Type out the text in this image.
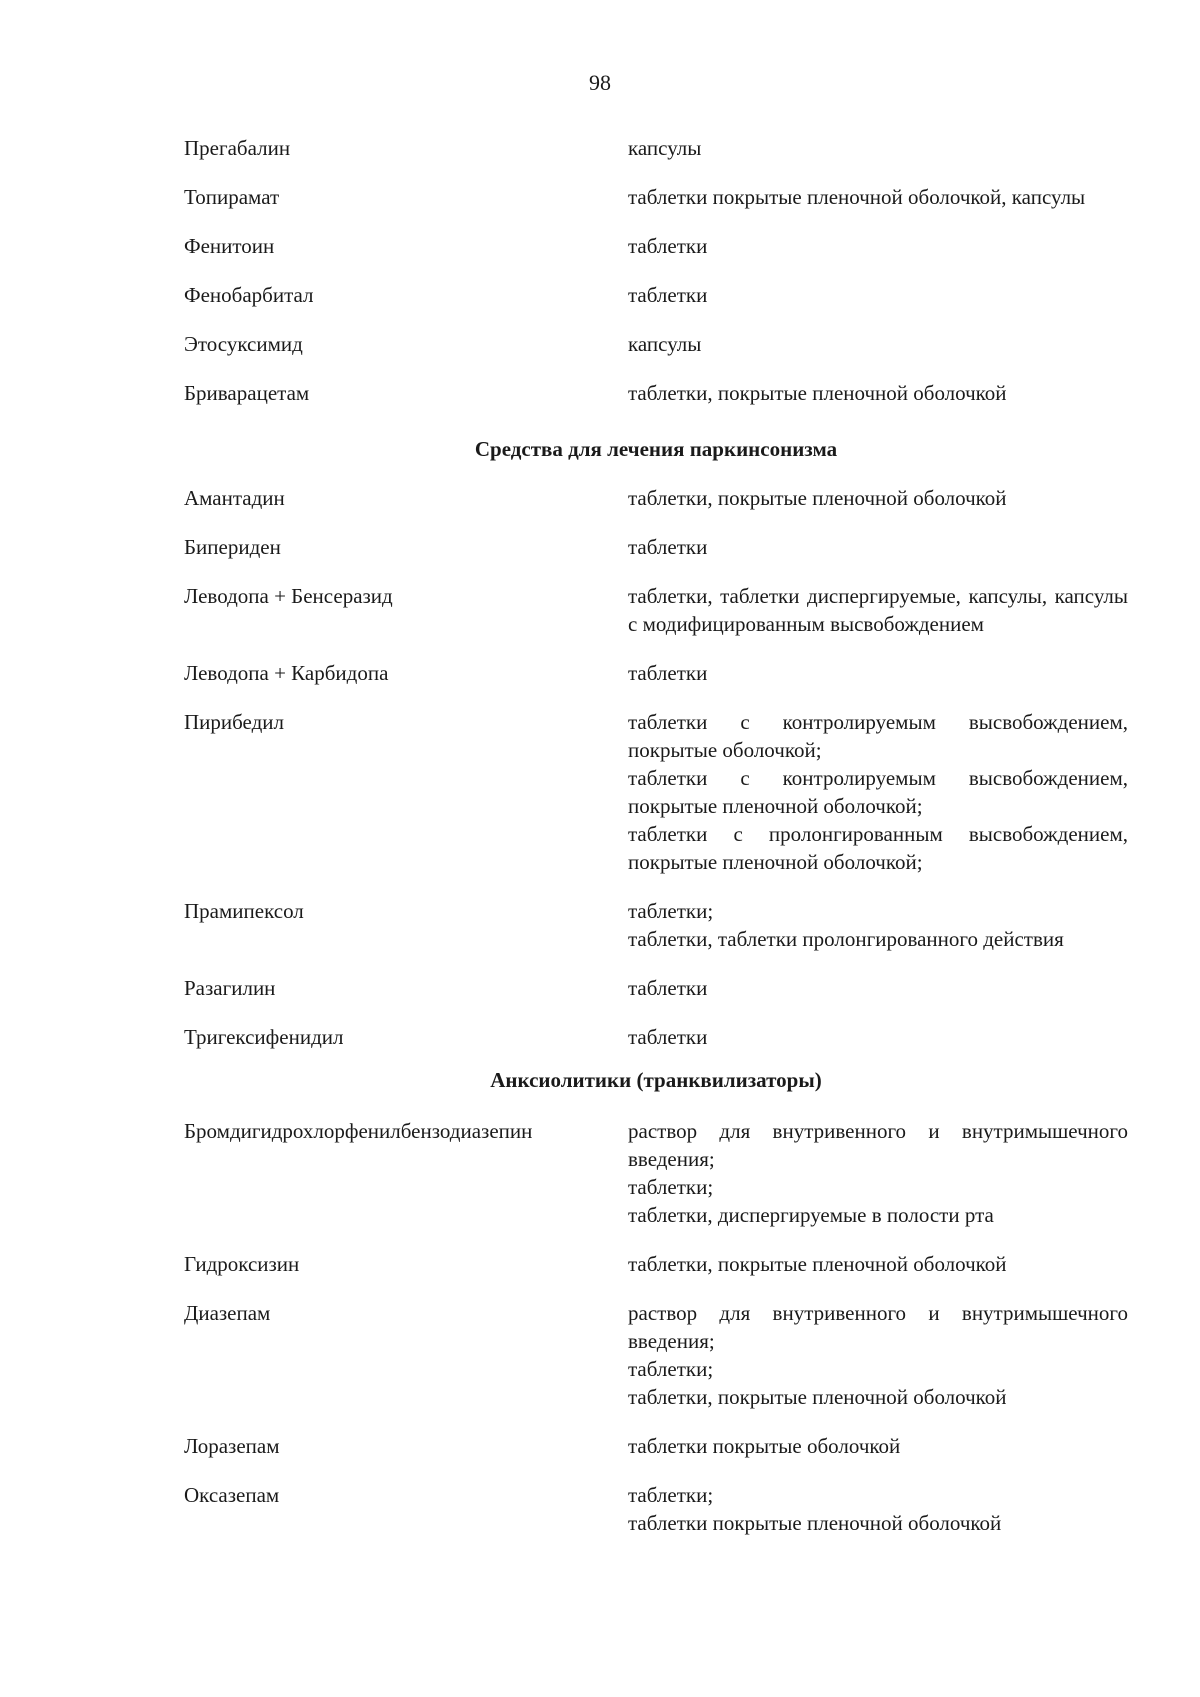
98
Прегабалин	капсулы
Топирамат	таблетки покрытые пленочной оболочкой, капсулы
Фенитоин	таблетки
Фенобарбитал	таблетки
Этосуксимид	капсулы
Бриварацетам	таблетки, покрытые пленочной оболочкой
Средства для лечения паркинсонизма
Амантадин	таблетки, покрытые пленочной оболочкой
Бипериден	таблетки
Леводопа + Бенсеразид	таблетки, таблетки диспергируемые, капсулы, капсулы с модифицированным высвобождением
Леводопа + Карбидопа	таблетки
Пирибедил	таблетки с контролируемым высвобождением, покрытые оболочкой;
таблетки с контролируемым высвобождением, покрытые пленочной оболочкой;
таблетки с пролонгированным высвобождением, покрытые пленочной оболочкой;
Прамипексол	таблетки;
таблетки, таблетки пролонгированного действия
Разагилин	таблетки
Тригексифенидил	таблетки
Анксиолитики (транквилизаторы)
Бромдигидрохлорфенилбензодиазепин	раствор для внутривенного и внутримышечного введения;
таблетки;
таблетки, диспергируемые в полости рта
Гидроксизин	таблетки, покрытые пленочной оболочкой
Диазепам	раствор для внутривенного и внутримышечного введения;
таблетки;
таблетки, покрытые пленочной оболочкой
Лоразепам	таблетки покрытые оболочкой
Оксазепам	таблетки;
таблетки покрытые пленочной оболочкой
